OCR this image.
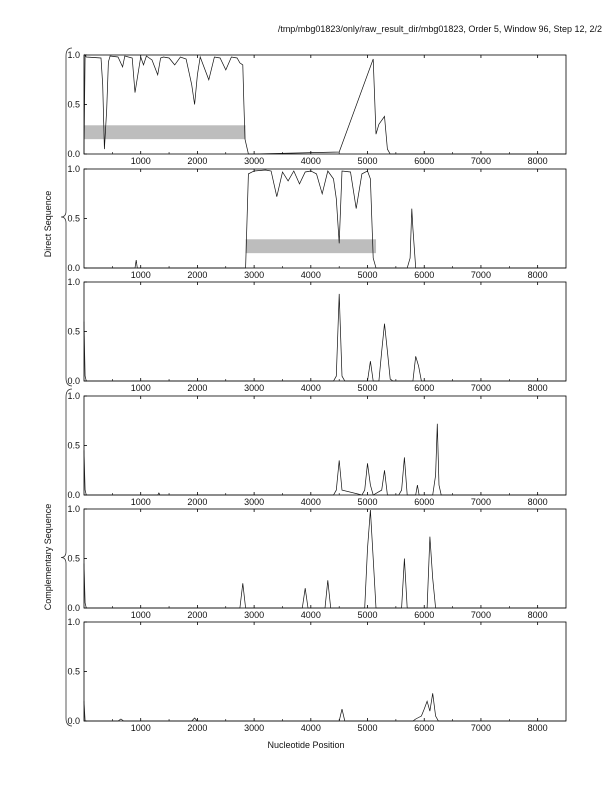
/tmp/mbg01823/only/raw_result_dir/mbg01823, Order 5, Window 96, Step 12, 2/2
0.0
0.5
1.0
1000	2000	3000	4000	5000	6000	7000	8000
0.0
0.5
1.0
1000	2000	3000	4000	5000	6000	7000	8000
0.0
0.5
1.0
1000	2000	3000	4000	5000	6000	7000	8000
0.0
0.5
1.0
1000	2000	3000	4000	5000	6000	7000	8000
0.0
0.5
1.0
1000	2000	3000	4000	5000	6000	7000	8000
0.0
0.5
1.0
1000	2000	3000	4000	5000	6000	7000	8000
Direct Sequence
Complementary Sequence
Nucleotide Position
